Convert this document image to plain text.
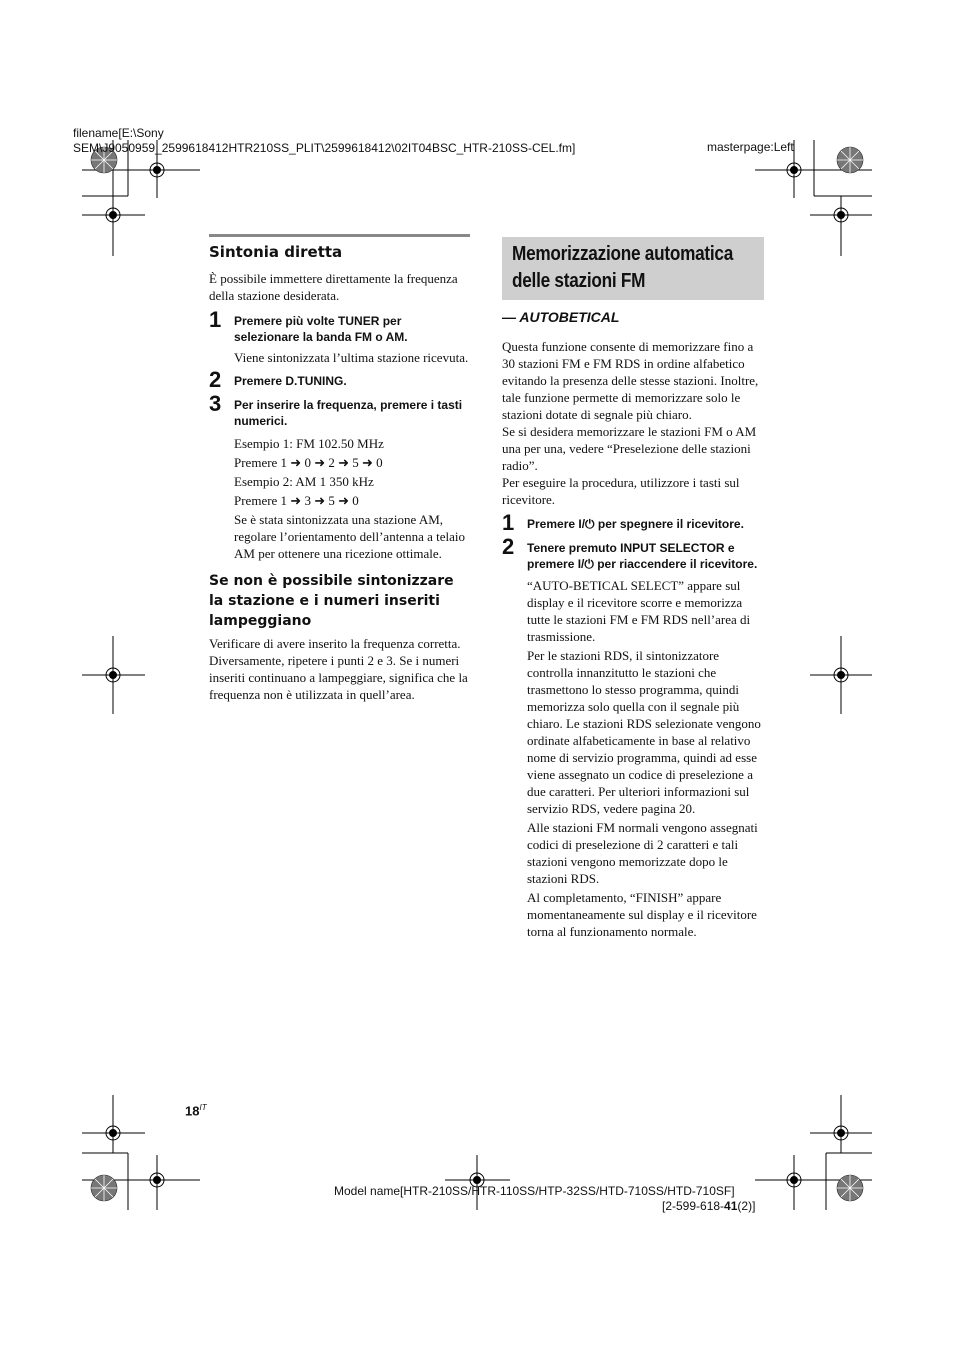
filename[E:\Sony
SEM\J9050959_2599618412HTR210SS_PLIT\2599618412\02IT04BSC_HTR-210SS-CEL.fm]	masterpage:Left
Sintonia diretta

È possibile immettere direttamente la frequenza della stazione desiderata.

1 Premere più volte TUNER per selezionare la banda FM o AM.

Viene sintonizzata l’ultima stazione ricevuta.

2 Premere D.TUNING.

3 Per inserire la frequenza, premere i tasti numerici.

Esempio 1: FM 102.50 MHz

Premere 1 ➜ 0 ➜ 2 ➜ 5 ➜ 0

Esempio 2: AM 1 350 kHz

Premere 1 ➜ 3 ➜ 5 ➜ 0

Se è stata sintonizzata una stazione AM, regolare l’orientamento dell’antenna a telaio AM per ottenere una ricezione ottimale.

Se non è possibile sintonizzare la stazione e i numeri inseriti lampeggiano

Verificare di avere inserito la frequenza corretta. Diversamente, ripetere i punti 2 e 3. Se i numeri inseriti continuano a lampeggiare, significa che la frequenza non è utilizzata in quell’area.

Memorizzazione automatica
delle stazioni FM

— AUTOBETICAL

Questa funzione consente di memorizzare fino a 30 stazioni FM e FM RDS in ordine alfabetico evitando la presenza delle stesse stazioni. Inoltre, tale funzione permette di memorizzare solo le stazioni dotate di segnale più chiaro.

Se si desidera memorizzare le stazioni FM o AM una per una, vedere “Preselezione delle stazioni radio”.

Per eseguire la procedura, utilizzore i tasti sul ricevitore.

1 Premere I/⏻ per spegnere il ricevitore.

2 Tenere premuto INPUT SELECTOR e premere I/⏻ per riaccendere il ricevitore.

“AUTO-BETICAL SELECT” appare sul display e il ricevitore scorre e memorizza tutte le stazioni FM e FM RDS nell’area di trasmissione.

Per le stazioni RDS, il sintonizzatore controlla innanzitutto le stazioni che trasmettono lo stesso programma, quindi memorizza solo quella con il segnale più chiaro. Le stazioni RDS selezionate vengono ordinate alfabeticamente in base al relativo nome di servizio programma, quindi ad esse viene assegnato un codice di preselezione a due caratteri. Per ulteriori informazioni sul servizio RDS, vedere pagina 20.

Alle stazioni FM normali vengono assegnati codici di preselezione di 2 caratteri e tali stazioni vengono memorizzate dopo le stazioni RDS.

Al completamento, “FINISH” appare momentaneamente sul display e il ricevitore torna al funzionamento normale.

$18^{IT}$
Model name[HTR-210SS/HTR-110SS/HTP-32SS/HTD-710SS/HTD-710SF]
[2-599-618-41(2)]
